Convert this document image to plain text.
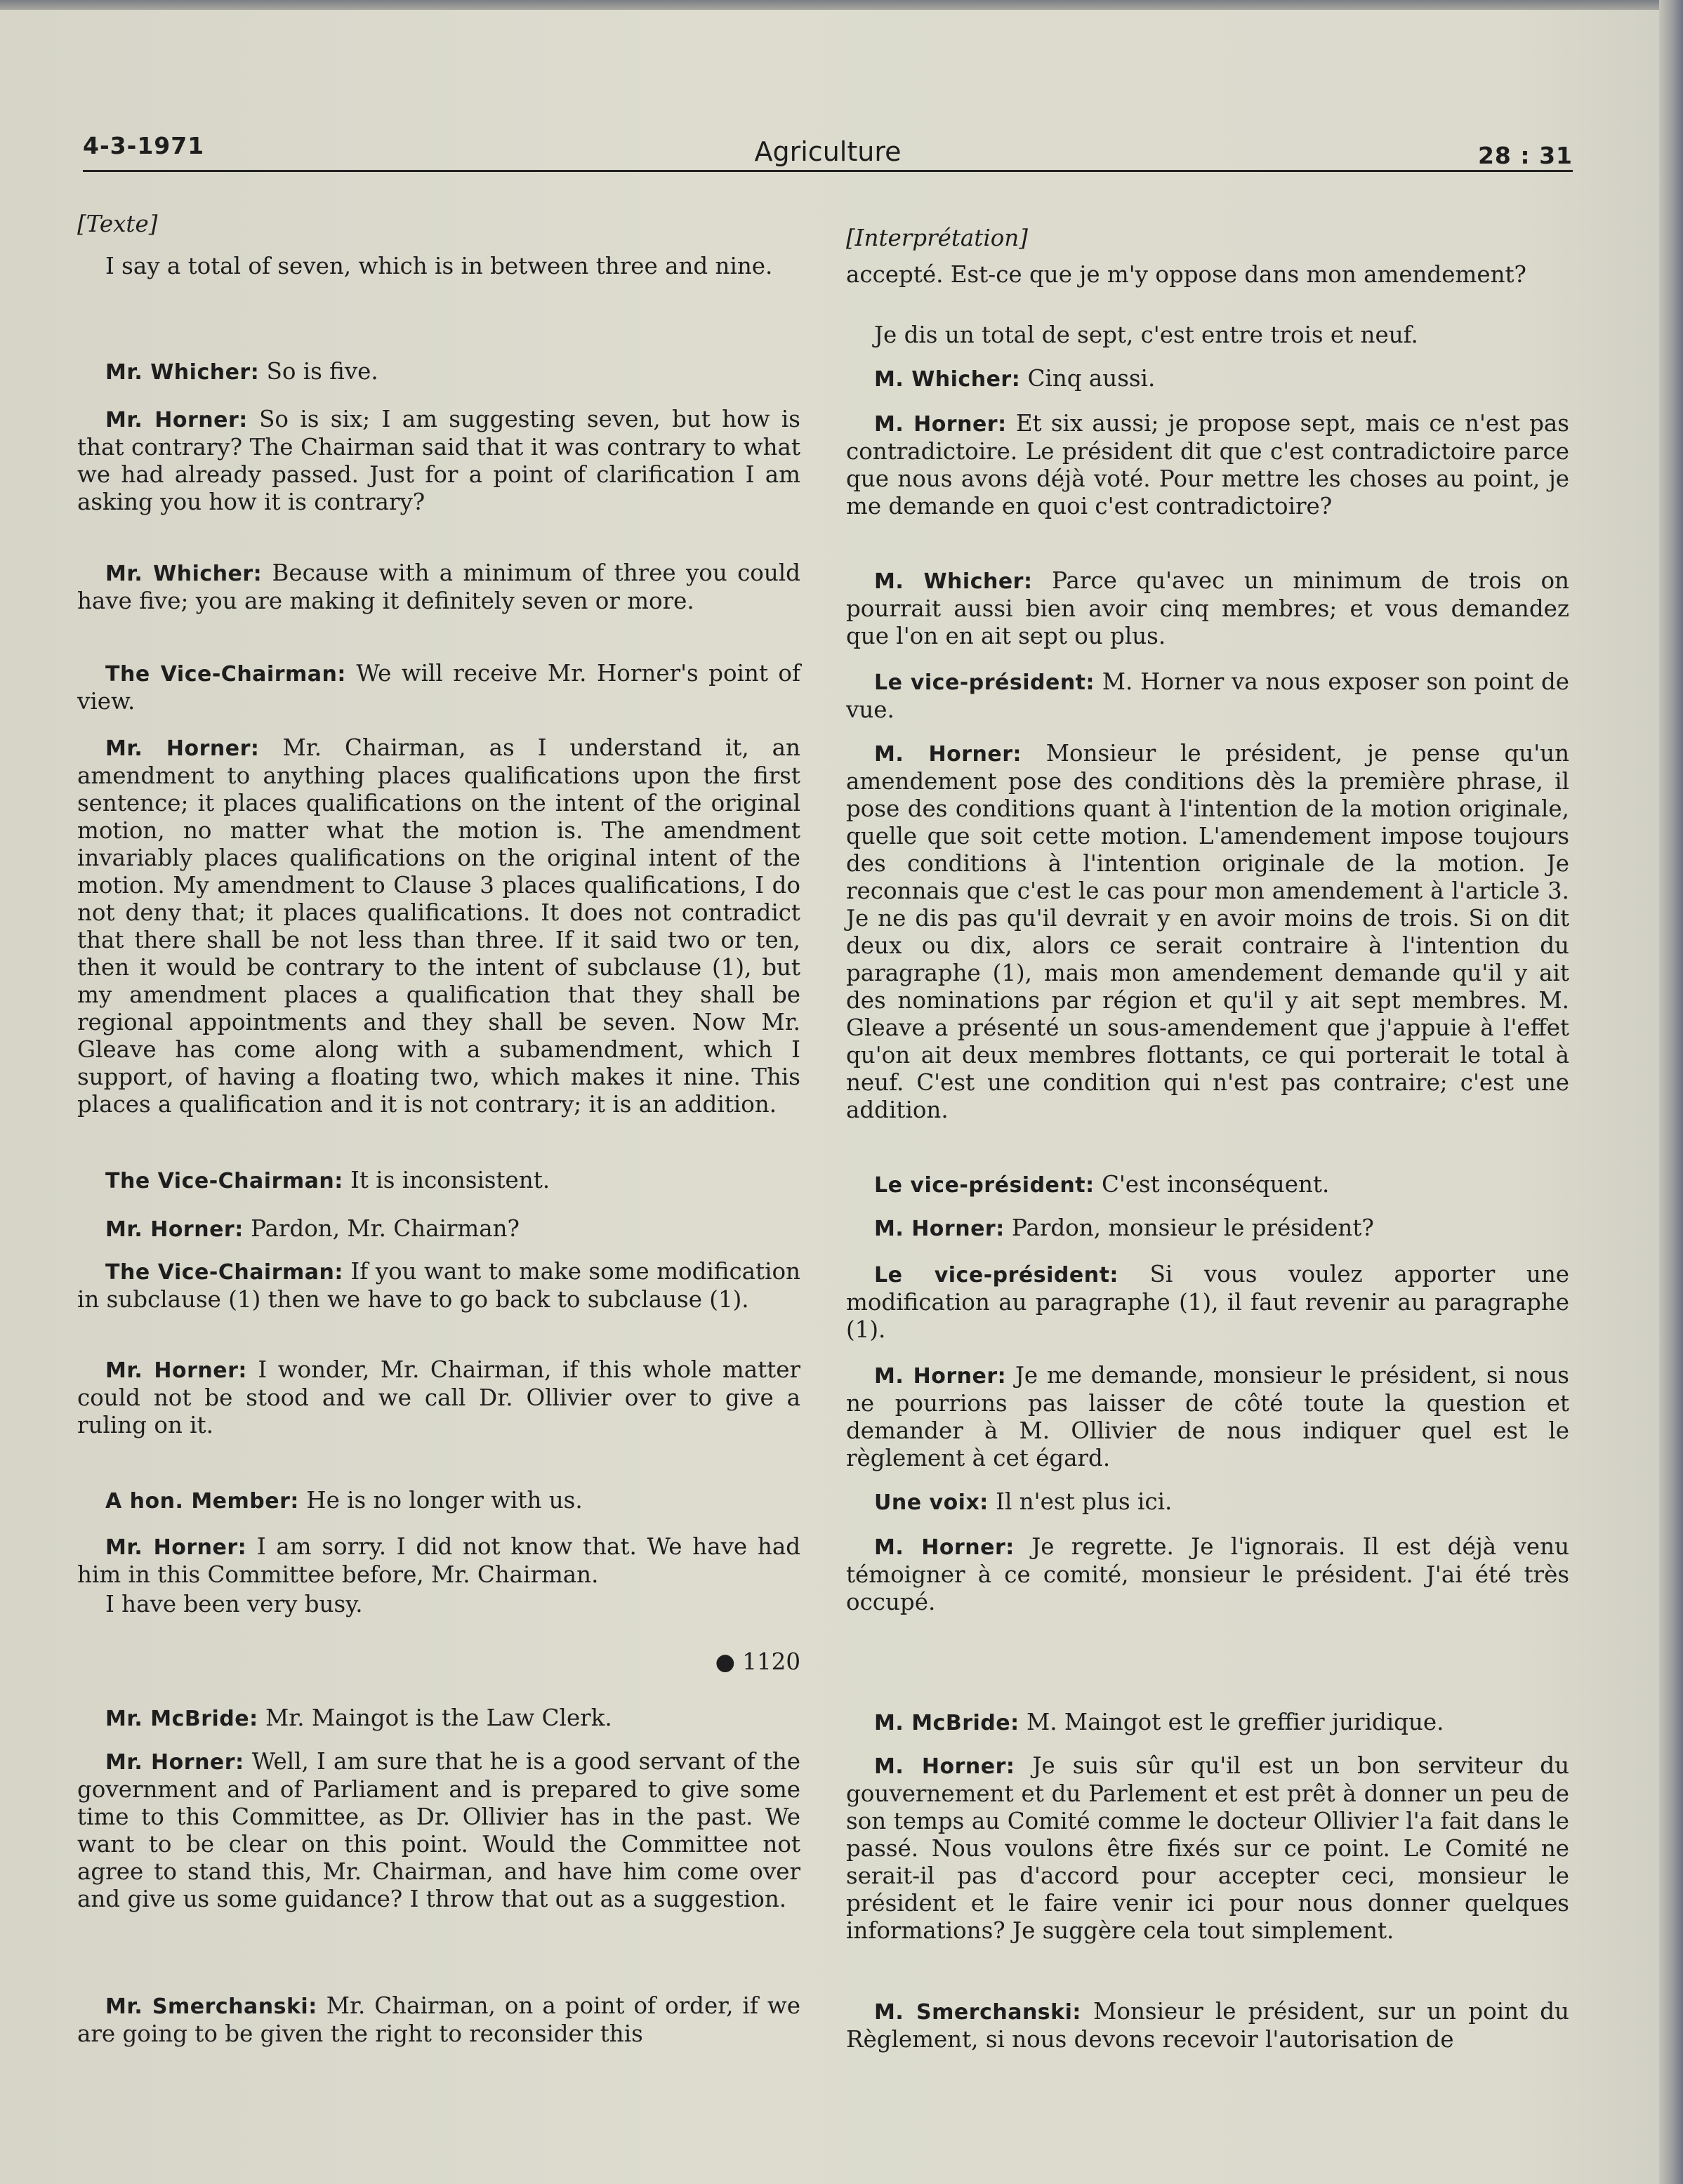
4-3-1971	Agriculture	28 : 31

[Texte]

I say a total of seven, which is in between three and nine.

Mr. Whicher: So is five.

Mr. Horner: So is six; I am suggesting seven, but how is that contrary? The Chairman said that it was contrary to what we had already passed. Just for a point of clarification I am asking you how it is contrary?

Mr. Whicher: Because with a minimum of three you could have five; you are making it definitely seven or more.

The Vice-Chairman: We will receive Mr. Horner's point of view.

Mr. Horner: Mr. Chairman, as I understand it, an amendment to anything places qualifications upon the first sentence; it places qualifications on the intent of the original motion, no matter what the motion is. The amendment invariably places qualifications on the original intent of the motion. My amendment to Clause 3 places qualifications, I do not deny that; it places qualifications. It does not contradict that there shall be not less than three. If it said two or ten, then it would be contrary to the intent of subclause (1), but my amendment places a qualification that they shall be regional appointments and they shall be seven. Now Mr. Gleave has come along with a subamendment, which I support, of having a floating two, which makes it nine. This places a qualification and it is not contrary; it is an addition.

The Vice-Chairman: It is inconsistent.

Mr. Horner: Pardon, Mr. Chairman?

The Vice-Chairman: If you want to make some modification in subclause (1) then we have to go back to subclause (1).

Mr. Horner: I wonder, Mr. Chairman, if this whole matter could not be stood and we call Dr. Ollivier over to give a ruling on it.

A hon. Member: He is no longer with us.

Mr. Horner: I am sorry. I did not know that. We have had him in this Committee before, Mr. Chairman.

I have been very busy.

● 1120

Mr. McBride: Mr. Maingot is the Law Clerk.

Mr. Horner: Well, I am sure that he is a good servant of the government and of Parliament and is prepared to give some time to this Committee, as Dr. Ollivier has in the past. We want to be clear on this point. Would the Committee not agree to stand this, Mr. Chairman, and have him come over and give us some guidance? I throw that out as a suggestion.

Mr. Smerchanski: Mr. Chairman, on a point of order, if we are going to be given the right to reconsider this

[Interprétation]

accepté. Est-ce que je m'y oppose dans mon amendement?

Je dis un total de sept, c'est entre trois et neuf.

M. Whicher: Cinq aussi.

M. Horner: Et six aussi; je propose sept, mais ce n'est pas contradictoire. Le président dit que c'est contradictoire parce que nous avons déjà voté. Pour mettre les choses au point, je me demande en quoi c'est contradictoire?

M. Whicher: Parce qu'avec un minimum de trois on pourrait aussi bien avoir cinq membres; et vous demandez que l'on en ait sept ou plus.

Le vice-président: M. Horner va nous exposer son point de vue.

M. Horner: Monsieur le président, je pense qu'un amendement pose des conditions dès la première phrase, il pose des conditions quant à l'intention de la motion originale, quelle que soit cette motion. L'amendement impose toujours des conditions à l'intention originale de la motion. Je reconnais que c'est le cas pour mon amendement à l'article 3. Je ne dis pas qu'il devrait y en avoir moins de trois. Si on dit deux ou dix, alors ce serait contraire à l'intention du paragraphe (1), mais mon amendement demande qu'il y ait des nominations par région et qu'il y ait sept membres. M. Gleave a présenté un sous-amendement que j'appuie à l'effet qu'on ait deux membres flottants, ce qui porterait le total à neuf. C'est une condition qui n'est pas contraire; c'est une addition.

Le vice-président: C'est inconséquent.

M. Horner: Pardon, monsieur le président?

Le vice-président: Si vous voulez apporter une modification au paragraphe (1), il faut revenir au paragraphe (1).

M. Horner: Je me demande, monsieur le président, si nous ne pourrions pas laisser de côté toute la question et demander à M. Ollivier de nous indiquer quel est le règlement à cet égard.

Une voix: Il n'est plus ici.

M. Horner: Je regrette. Je l'ignorais. Il est déjà venu témoigner à ce comité, monsieur le président. J'ai été très occupé.

M. McBride: M. Maingot est le greffier juridique.

M. Horner: Je suis sûr qu'il est un bon serviteur du gouvernement et du Parlement et est prêt à donner un peu de son temps au Comité comme le docteur Ollivier l'a fait dans le passé. Nous voulons être fixés sur ce point. Le Comité ne serait-il pas d'accord pour accepter ceci, monsieur le président et le faire venir ici pour nous donner quelques informations? Je suggère cela tout simplement.

M. Smerchanski: Monsieur le président, sur un point du Règlement, si nous devons recevoir l'autorisation de
